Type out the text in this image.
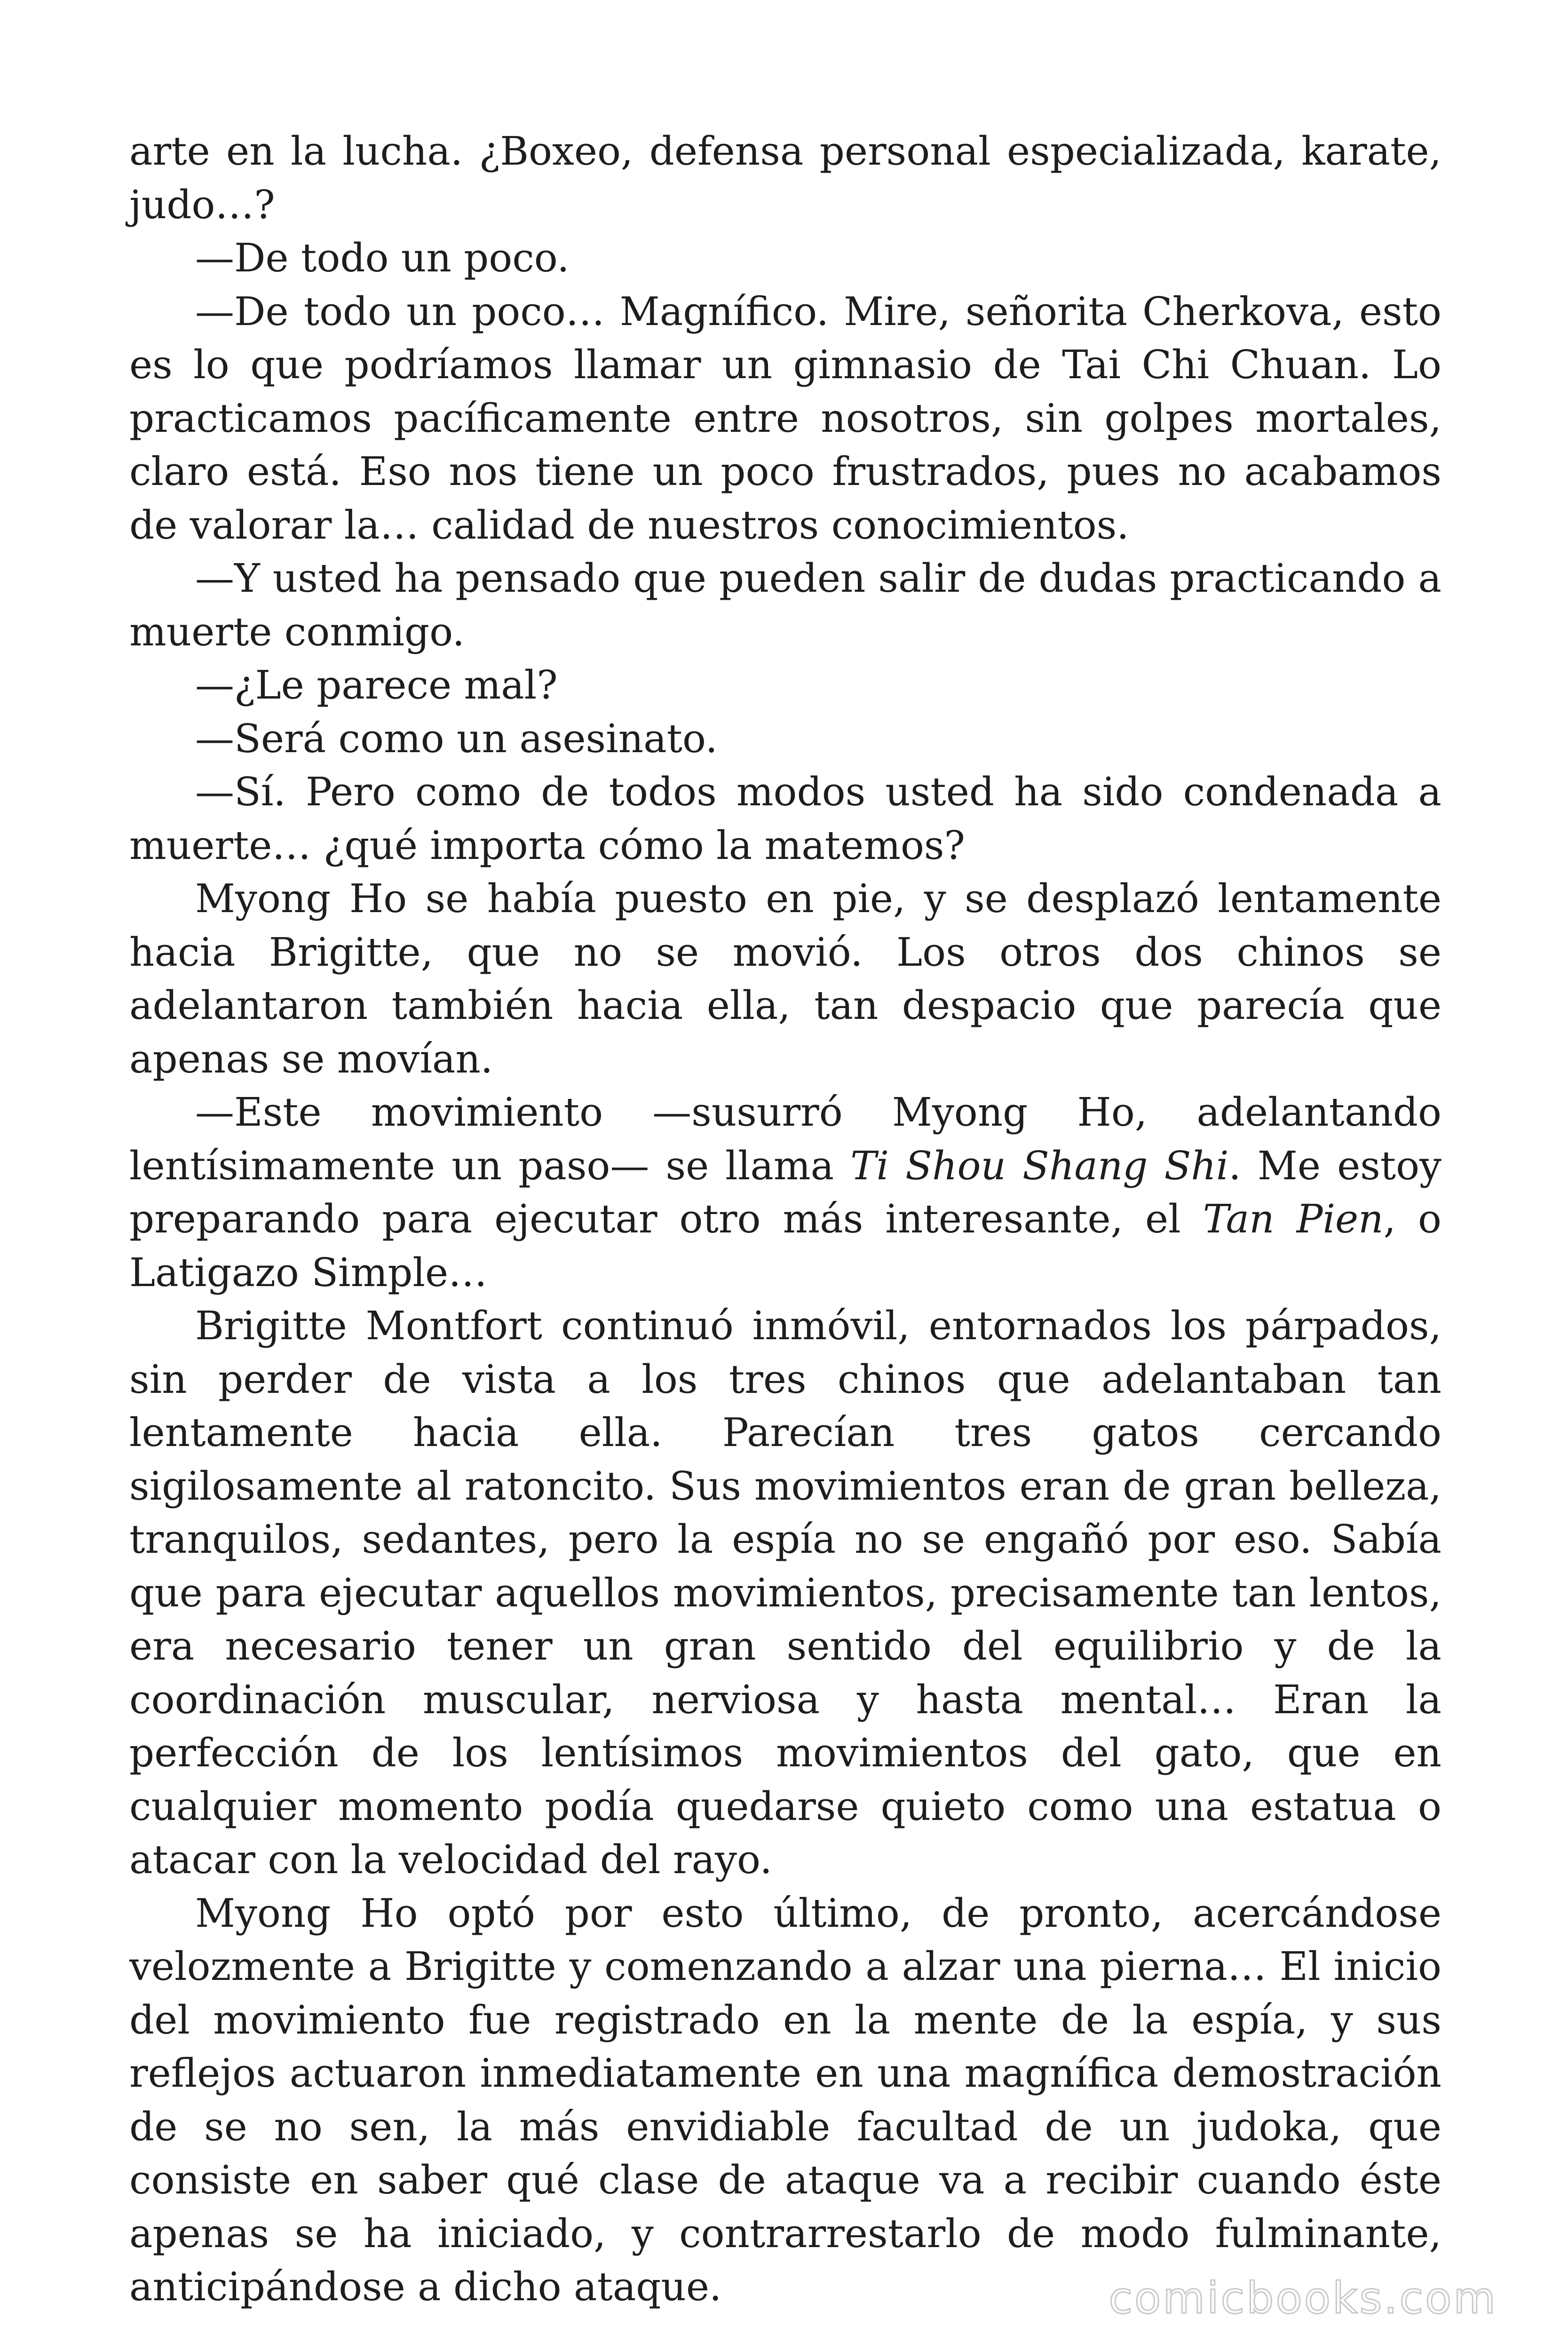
arte en la lucha. ¿Boxeo, defensa personal especializada, karate, judo…?

—De todo un poco.

—De todo un poco… Magnífico. Mire, señorita Cherkova, esto es lo que podríamos llamar un gimnasio de Tai Chi Chuan. Lo practicamos pacíficamente entre nosotros, sin golpes mortales, claro está. Eso nos tiene un poco frustrados, pues no acabamos de valorar la… calidad de nuestros conocimientos.

—Y usted ha pensado que pueden salir de dudas practicando a muerte conmigo.

—¿Le parece mal?

—Será como un asesinato.

—Sí. Pero como de todos modos usted ha sido condenada a muerte… ¿qué importa cómo la matemos?

Myong Ho se había puesto en pie, y se desplazó lentamente hacia Brigitte, que no se movió. Los otros dos chinos se adelantaron también hacia ella, tan despacio que parecía que apenas se movían.

—Este movimiento —susurró Myong Ho, adelantando lentísimamente un paso— se llama Ti Shou Shang Shi. Me estoy preparando para ejecutar otro más interesante, el Tan Pien, o Latigazo Simple…

Brigitte Montfort continuó inmóvil, entornados los párpados, sin perder de vista a los tres chinos que adelantaban tan lentamente hacia ella. Parecían tres gatos cercando sigilosamente al ratoncito. Sus movimientos eran de gran belleza, tranquilos, sedantes, pero la espía no se engañó por eso. Sabía que para ejecutar aquellos movimientos, precisamente tan lentos, era necesario tener un gran sentido del equilibrio y de la coordinación muscular, nerviosa y hasta mental… Eran la perfección de los lentísimos movimientos del gato, que en cualquier momento podía quedarse quieto como una estatua o atacar con la velocidad del rayo.

Myong Ho optó por esto último, de pronto, acercándose velozmente a Brigitte y comenzando a alzar una pierna… El inicio del movimiento fue registrado en la mente de la espía, y sus reflejos actuaron inmediatamente en una magnífica demostración de se no sen, la más envidiable facultad de un judoka, que consiste en saber qué clase de ataque va a recibir cuando éste apenas se ha iniciado, y contrarrestarlo de modo fulminante, anticipándose a dicho ataque.	comicbooks.com
